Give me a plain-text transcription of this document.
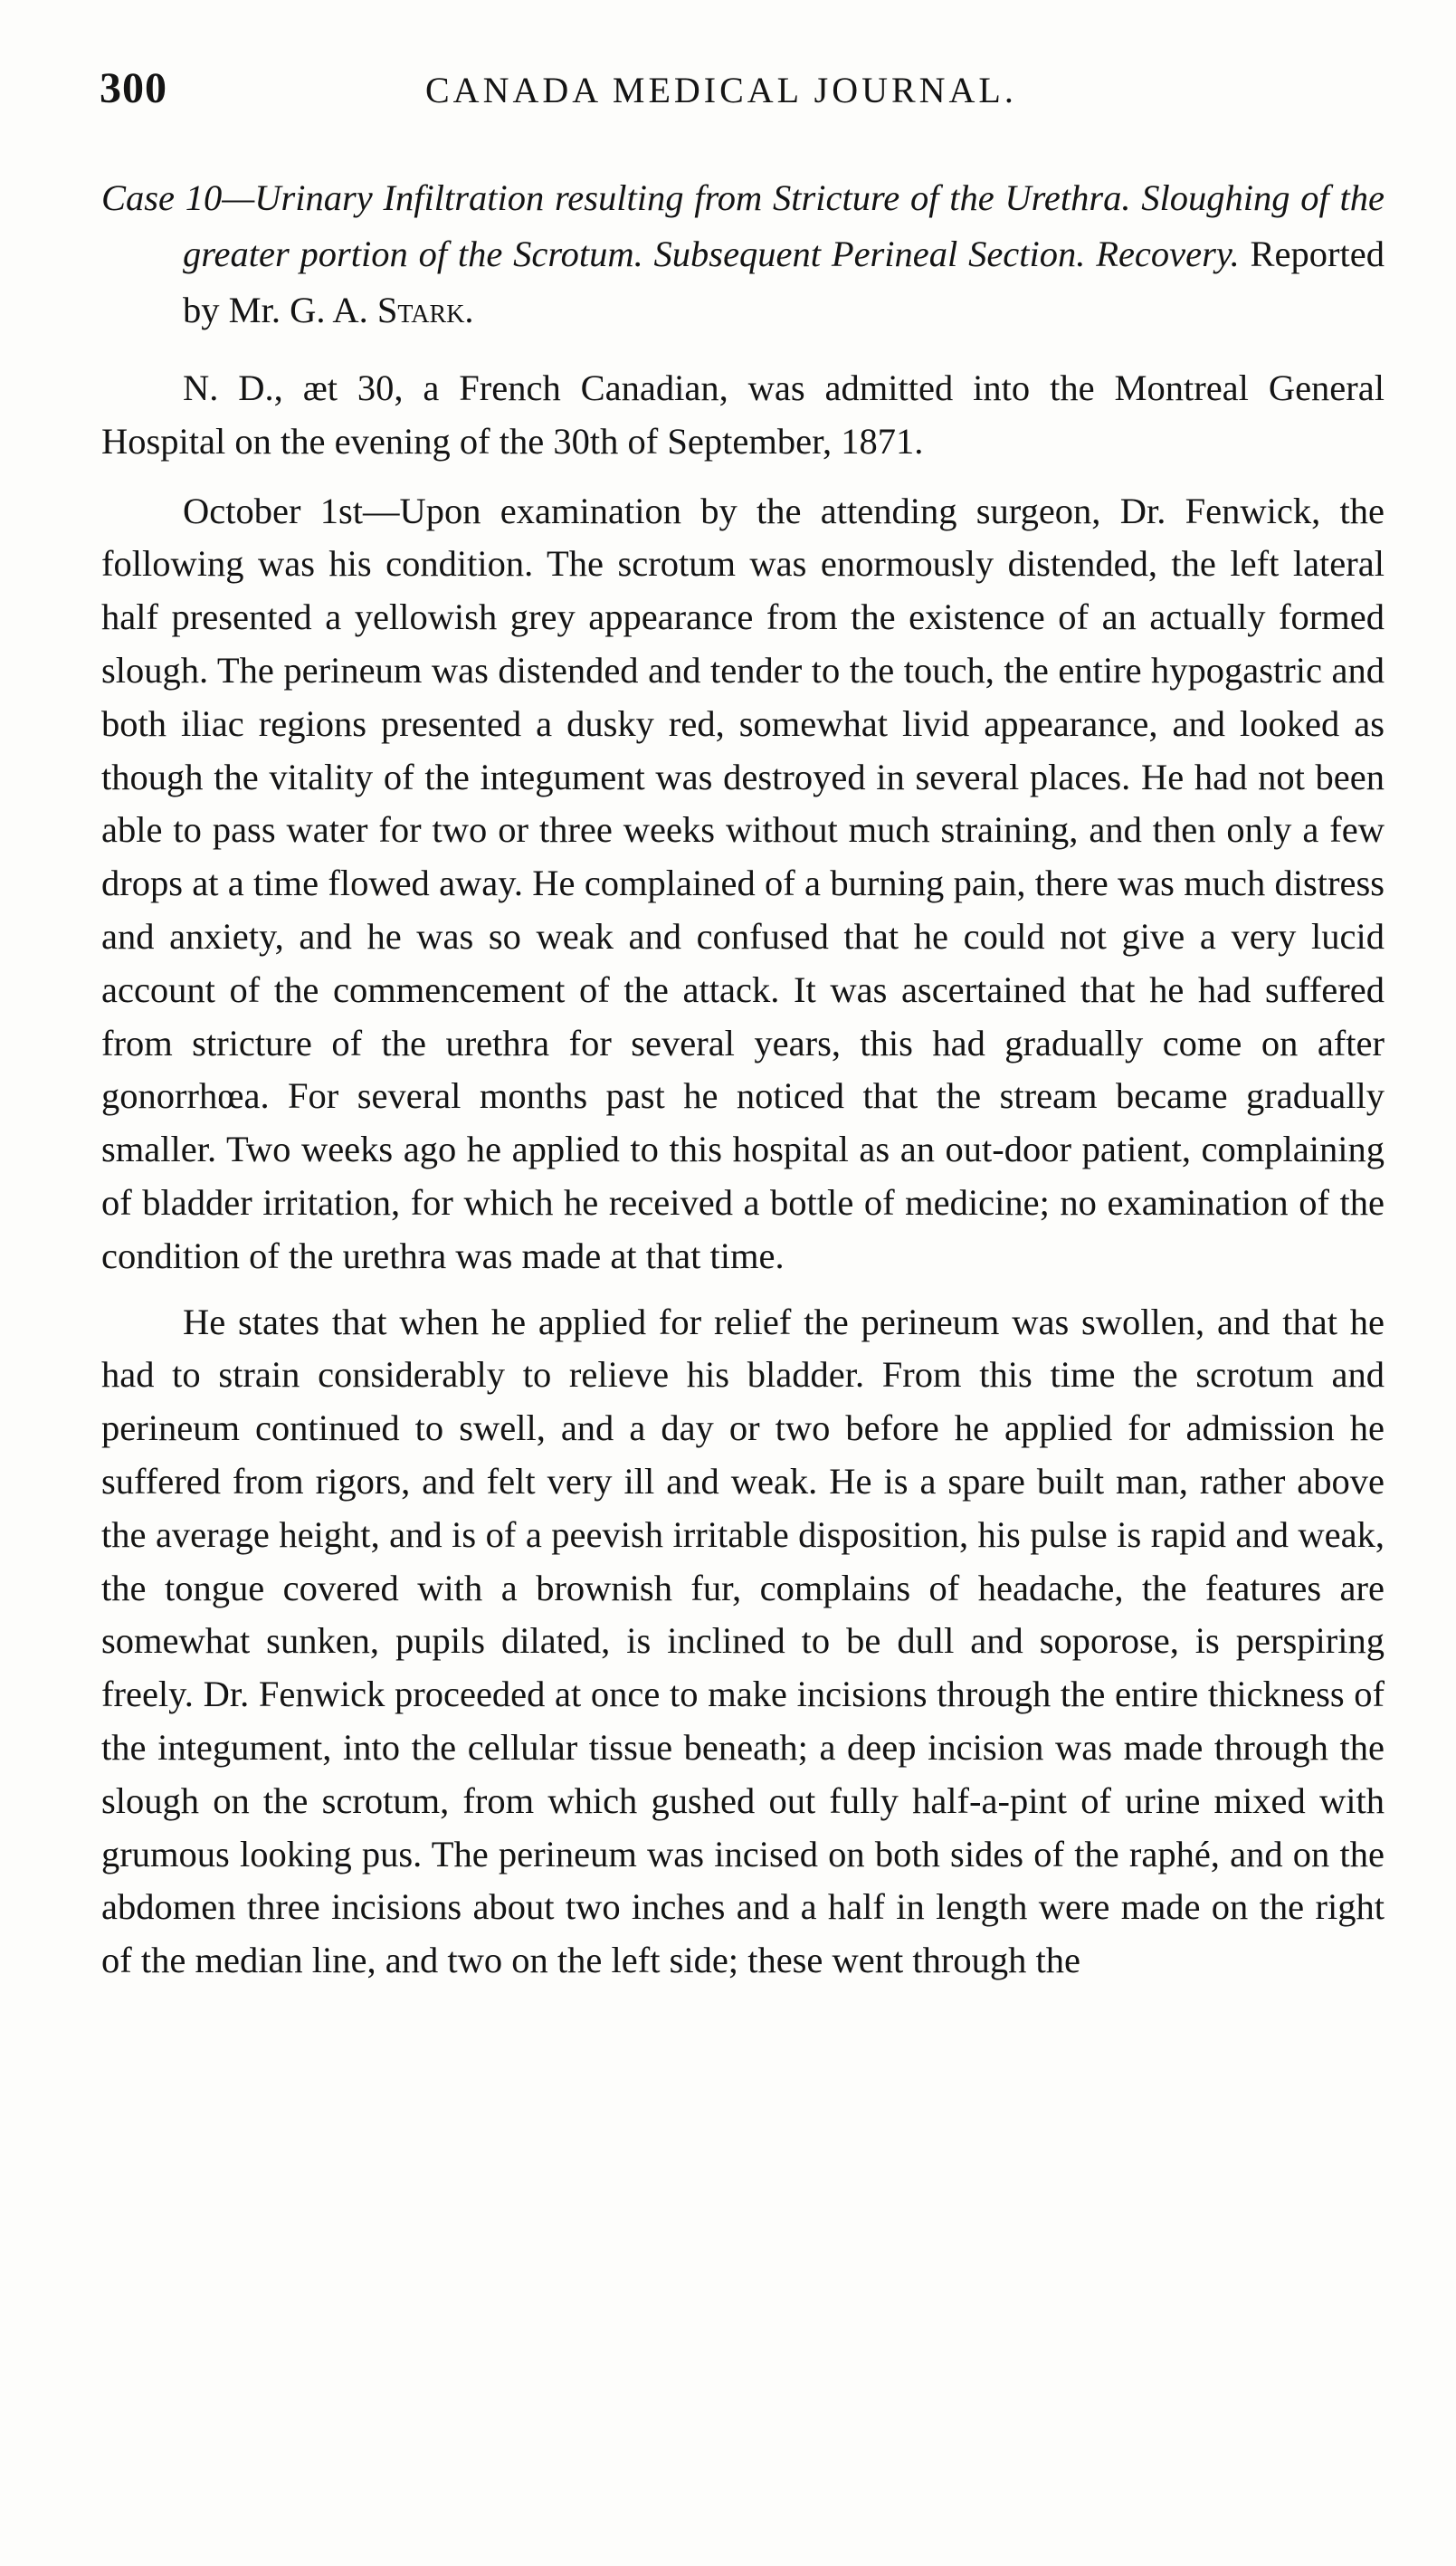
300	CANADA MEDICAL JOURNAL.

Case 10—Urinary Infiltration resulting from Stricture of the Urethra. Sloughing of the greater portion of the Scrotum. Subsequent Perineal Section. Recovery. Reported by Mr. G. A. Stark.

N. D., æt 30, a French Canadian, was admitted into the Montreal General Hospital on the evening of the 30th of September, 1871.

October 1st—Upon examination by the attending surgeon, Dr. Fenwick, the following was his condition. The scrotum was enormously distended, the left lateral half presented a yellowish grey appearance from the existence of an actually formed slough. The perineum was distended and tender to the touch, the entire hypogastric and both iliac regions presented a dusky red, somewhat livid appearance, and looked as though the vitality of the integument was destroyed in several places. He had not been able to pass water for two or three weeks without much straining, and then only a few drops at a time flowed away. He complained of a burning pain, there was much distress and anxiety, and he was so weak and confused that he could not give a very lucid account of the commencement of the attack. It was ascertained that he had suffered from stricture of the urethra for several years, this had gradually come on after gonorrhœa. For several months past he noticed that the stream became gradually smaller. Two weeks ago he applied to this hospital as an out-door patient, complaining of bladder irritation, for which he received a bottle of medicine; no examination of the condition of the urethra was made at that time.

He states that when he applied for relief the perineum was swollen, and that he had to strain considerably to relieve his bladder. From this time the scrotum and perineum continued to swell, and a day or two before he applied for admission he suffered from rigors, and felt very ill and weak. He is a spare built man, rather above the average height, and is of a peevish irritable disposition, his pulse is rapid and weak, the tongue covered with a brownish fur, complains of headache, the features are somewhat sunken, pupils dilated, is inclined to be dull and soporose, is perspiring freely. Dr. Fenwick proceeded at once to make incisions through the entire thickness of the integument, into the cellular tissue beneath; a deep incision was made through the slough on the scrotum, from which gushed out fully half-a-pint of urine mixed with grumous looking pus. The perineum was incised on both sides of the raphé, and on the abdomen three incisions about two inches and a half in length were made on the right of the median line, and two on the left side; these went through the
